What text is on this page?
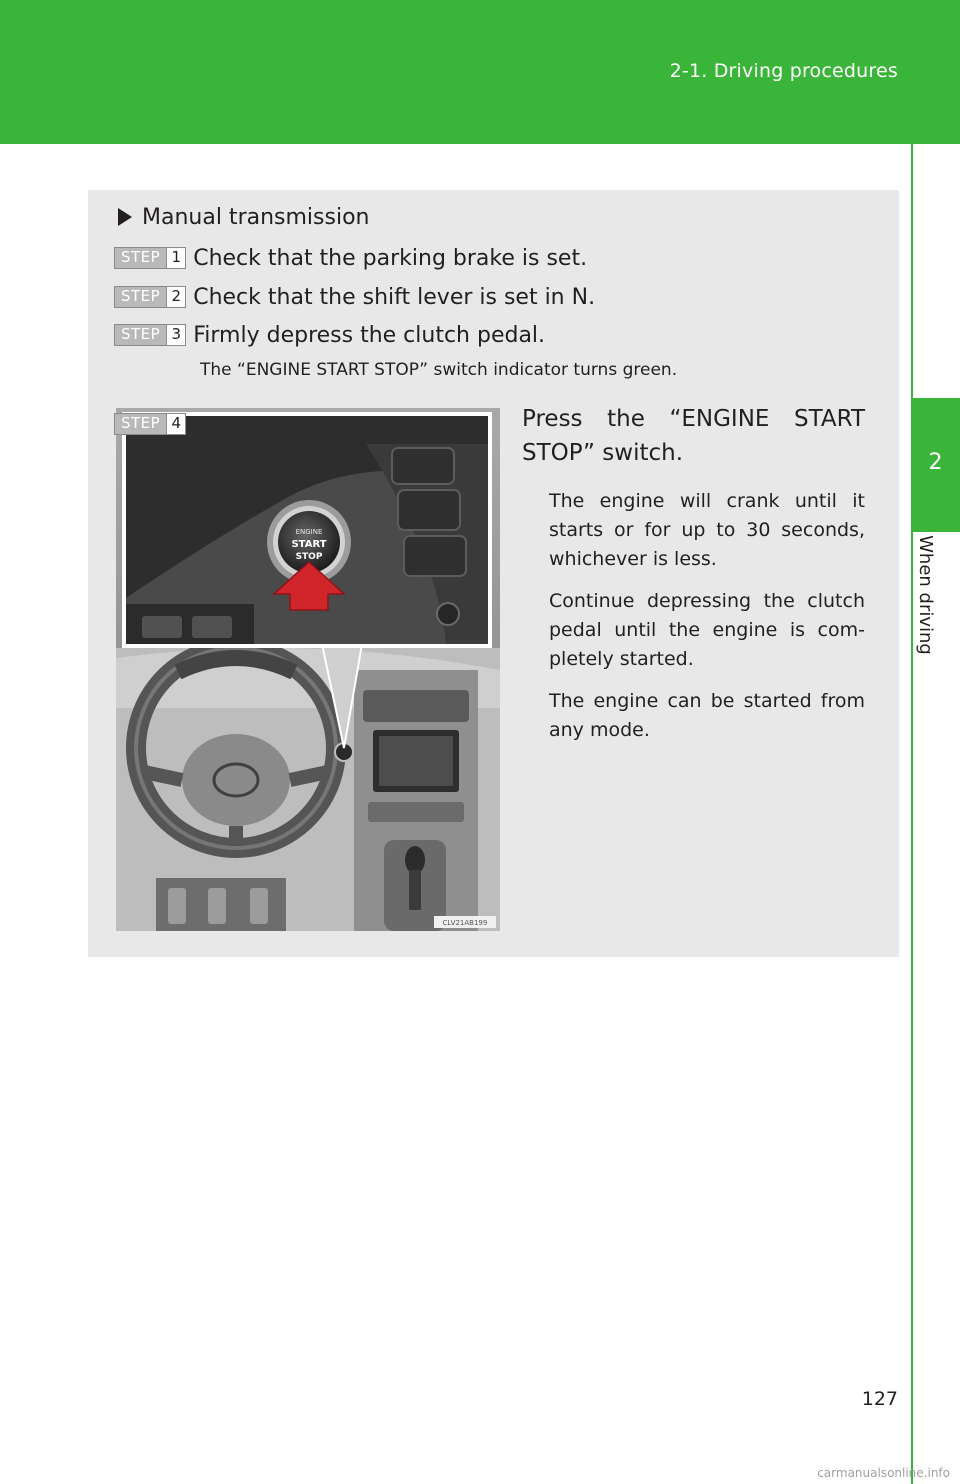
2-1. Driving procedures
2
When driving
Manual transmission
STEP 1 Check that the parking brake is set.
STEP 2 Check that the shift lever is set in N.
STEP 3 Firmly depress the clutch pedal.
The “ENGINE START STOP” switch indicator turns green.
ENGINE
START
STOP
CLV21AB199
STEP 4	Press the “ENGINE START STOP” switch.
The engine will crank until it starts or for up to 30 seconds, whichever is less.
Continue depressing the clutch pedal until the engine is com-pletely started.
The engine can be started from any mode.
127
carmanualsonline.info
